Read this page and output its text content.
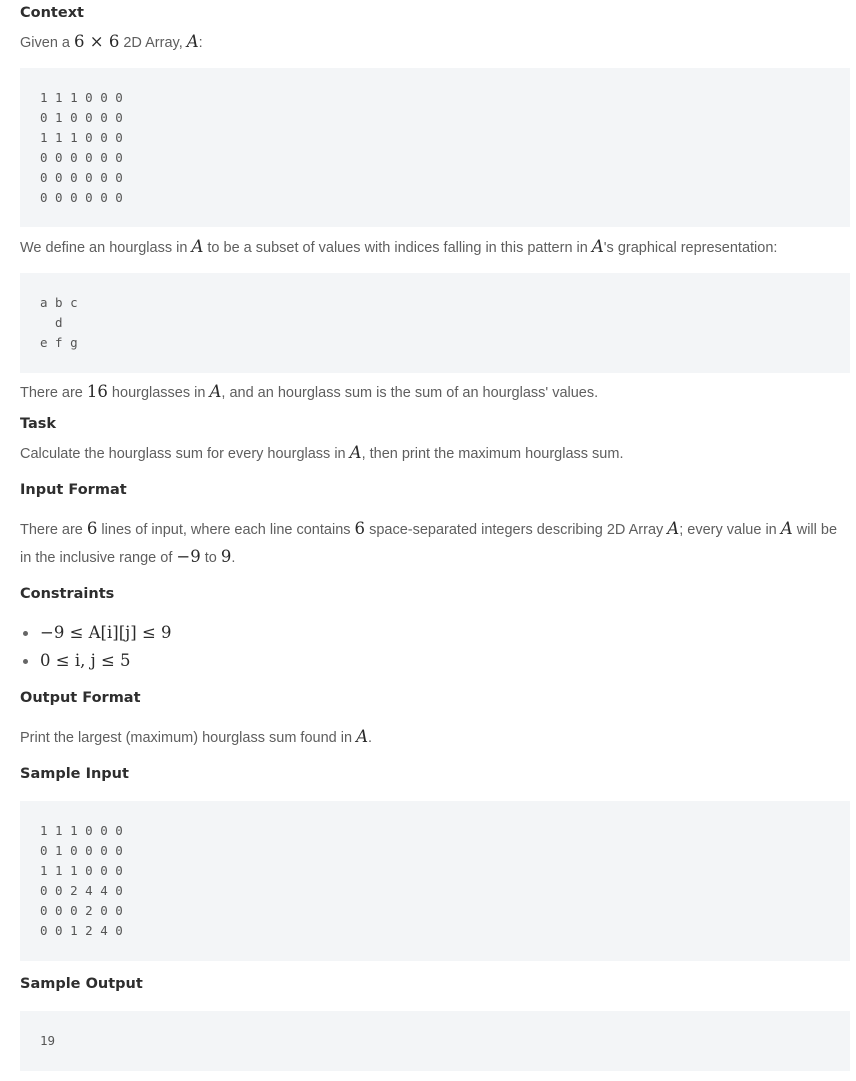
Context
Given a 6 × 6 2D Array, A:
1 1 1 0 0 0
0 1 0 0 0 0
1 1 1 0 0 0
0 0 0 0 0 0
0 0 0 0 0 0
0 0 0 0 0 0
We define an hourglass in A to be a subset of values with indices falling in this pattern in A's graphical representation:
a b c
d
e f g
There are 16 hourglasses in A, and an hourglass sum is the sum of an hourglass' values.
Task
Calculate the hourglass sum for every hourglass in A, then print the maximum hourglass sum.
Input Format
There are 6 lines of input, where each line contains 6 space-separated integers describing 2D Array A; every value in A will be
in the inclusive range of −9 to 9.
Constraints
−9 ≤ A[i][j] ≤ 9
0 ≤ i, j ≤ 5
Output Format
Print the largest (maximum) hourglass sum found in A.
Sample Input
1 1 1 0 0 0
0 1 0 0 0 0
1 1 1 0 0 0
0 0 2 4 4 0
0 0 0 2 0 0
0 0 1 2 4 0
Sample Output
19
